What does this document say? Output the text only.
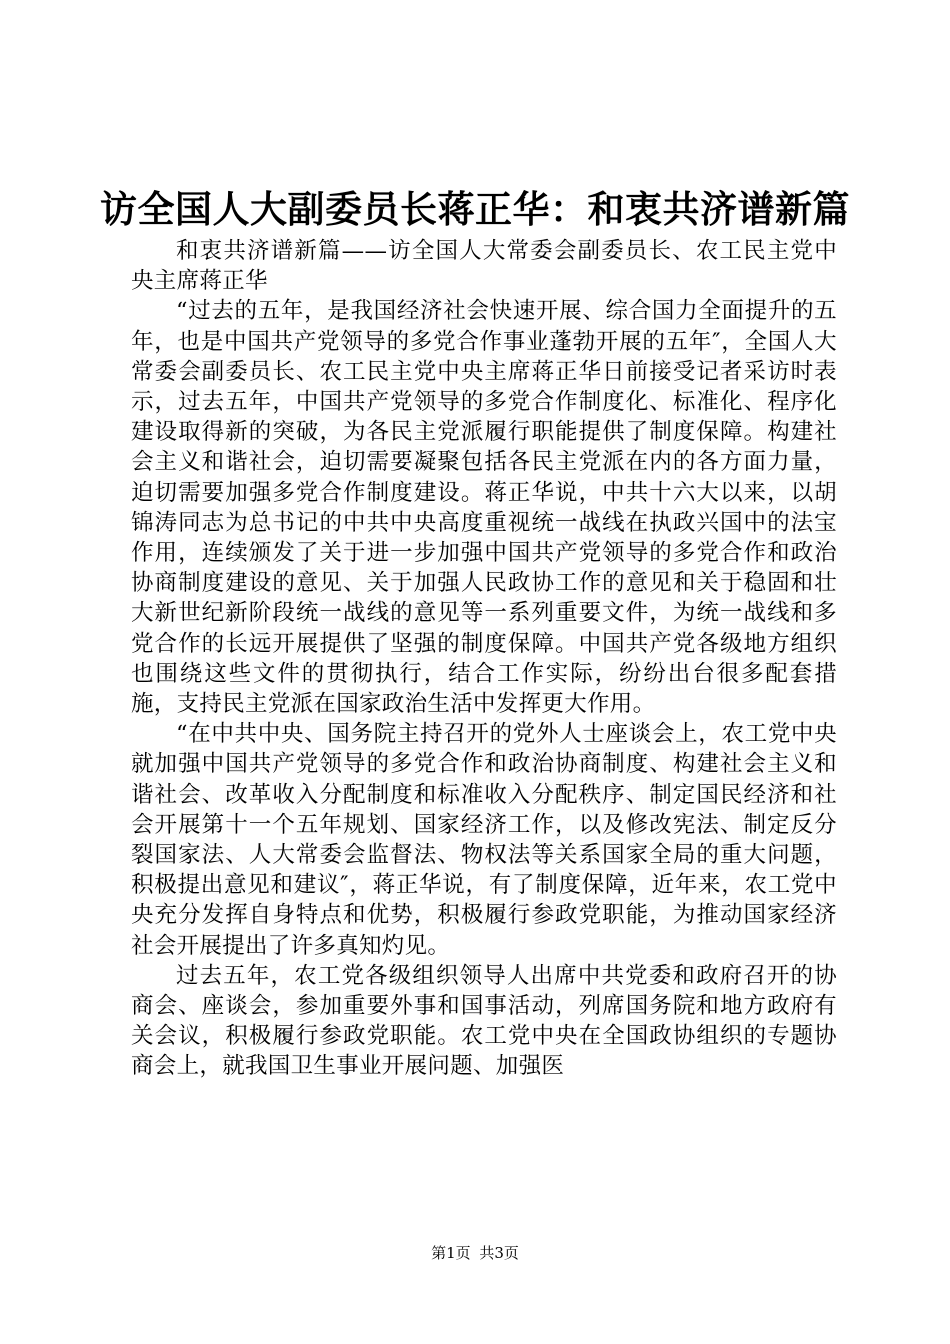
访全国人大副委员长蒋正华：和衷共济谱新篇

和衷共济谱新篇——访全国人大常委会副委员长、农工民主党中央主席蒋正华

“过去的五年，是我国经济社会快速开展、综合国力全面提升的五年，也是中国共产党领导的多党合作事业蓬勃开展的五年″，全国人大常委会副委员长、农工民主党中央主席蒋正华日前接受记者采访时表示，过去五年，中国共产党领导的多党合作制度化、标准化、程序化建设取得新的突破，为各民主党派履行职能提供了制度保障。构建社会主义和谐社会，迫切需要凝聚包括各民主党派在内的各方面力量，迫切需要加强多党合作制度建设。蒋正华说，中共十六大以来，以胡锦涛同志为总书记的中共中央高度重视统一战线在执政兴国中的法宝作用，连续颁发了关于进一步加强中国共产党领导的多党合作和政治协商制度建设的意见、关于加强人民政协工作的意见和关于稳固和壮大新世纪新阶段统一战线的意见等一系列重要文件，为统一战线和多党合作的长远开展提供了坚强的制度保障。中国共产党各级地方组织也围绕这些文件的贯彻执行，结合工作实际，纷纷出台很多配套措施，支持民主党派在国家政治生活中发挥更大作用。

“在中共中央、国务院主持召开的党外人士座谈会上，农工党中央就加强中国共产党领导的多党合作和政治协商制度、构建社会主义和谐社会、改革收入分配制度和标准收入分配秩序、制定国民经济和社会开展第十一个五年规划、国家经济工作，以及修改宪法、制定反分裂国家法、人大常委会监督法、物权法等关系国家全局的重大问题，积极提出意见和建议″，蒋正华说，有了制度保障，近年来，农工党中央充分发挥自身特点和优势，积极履行参政党职能，为推动国家经济社会开展提出了许多真知灼见。

过去五年，农工党各级组织领导人出席中共党委和政府召开的协商会、座谈会，参加重要外事和国事活动，列席国务院和地方政府有关会议，积极履行参政党职能。农工党中央在全国政协组织的专题协商会上，就我国卫生事业开展问题、加强医

第1页 共3页
